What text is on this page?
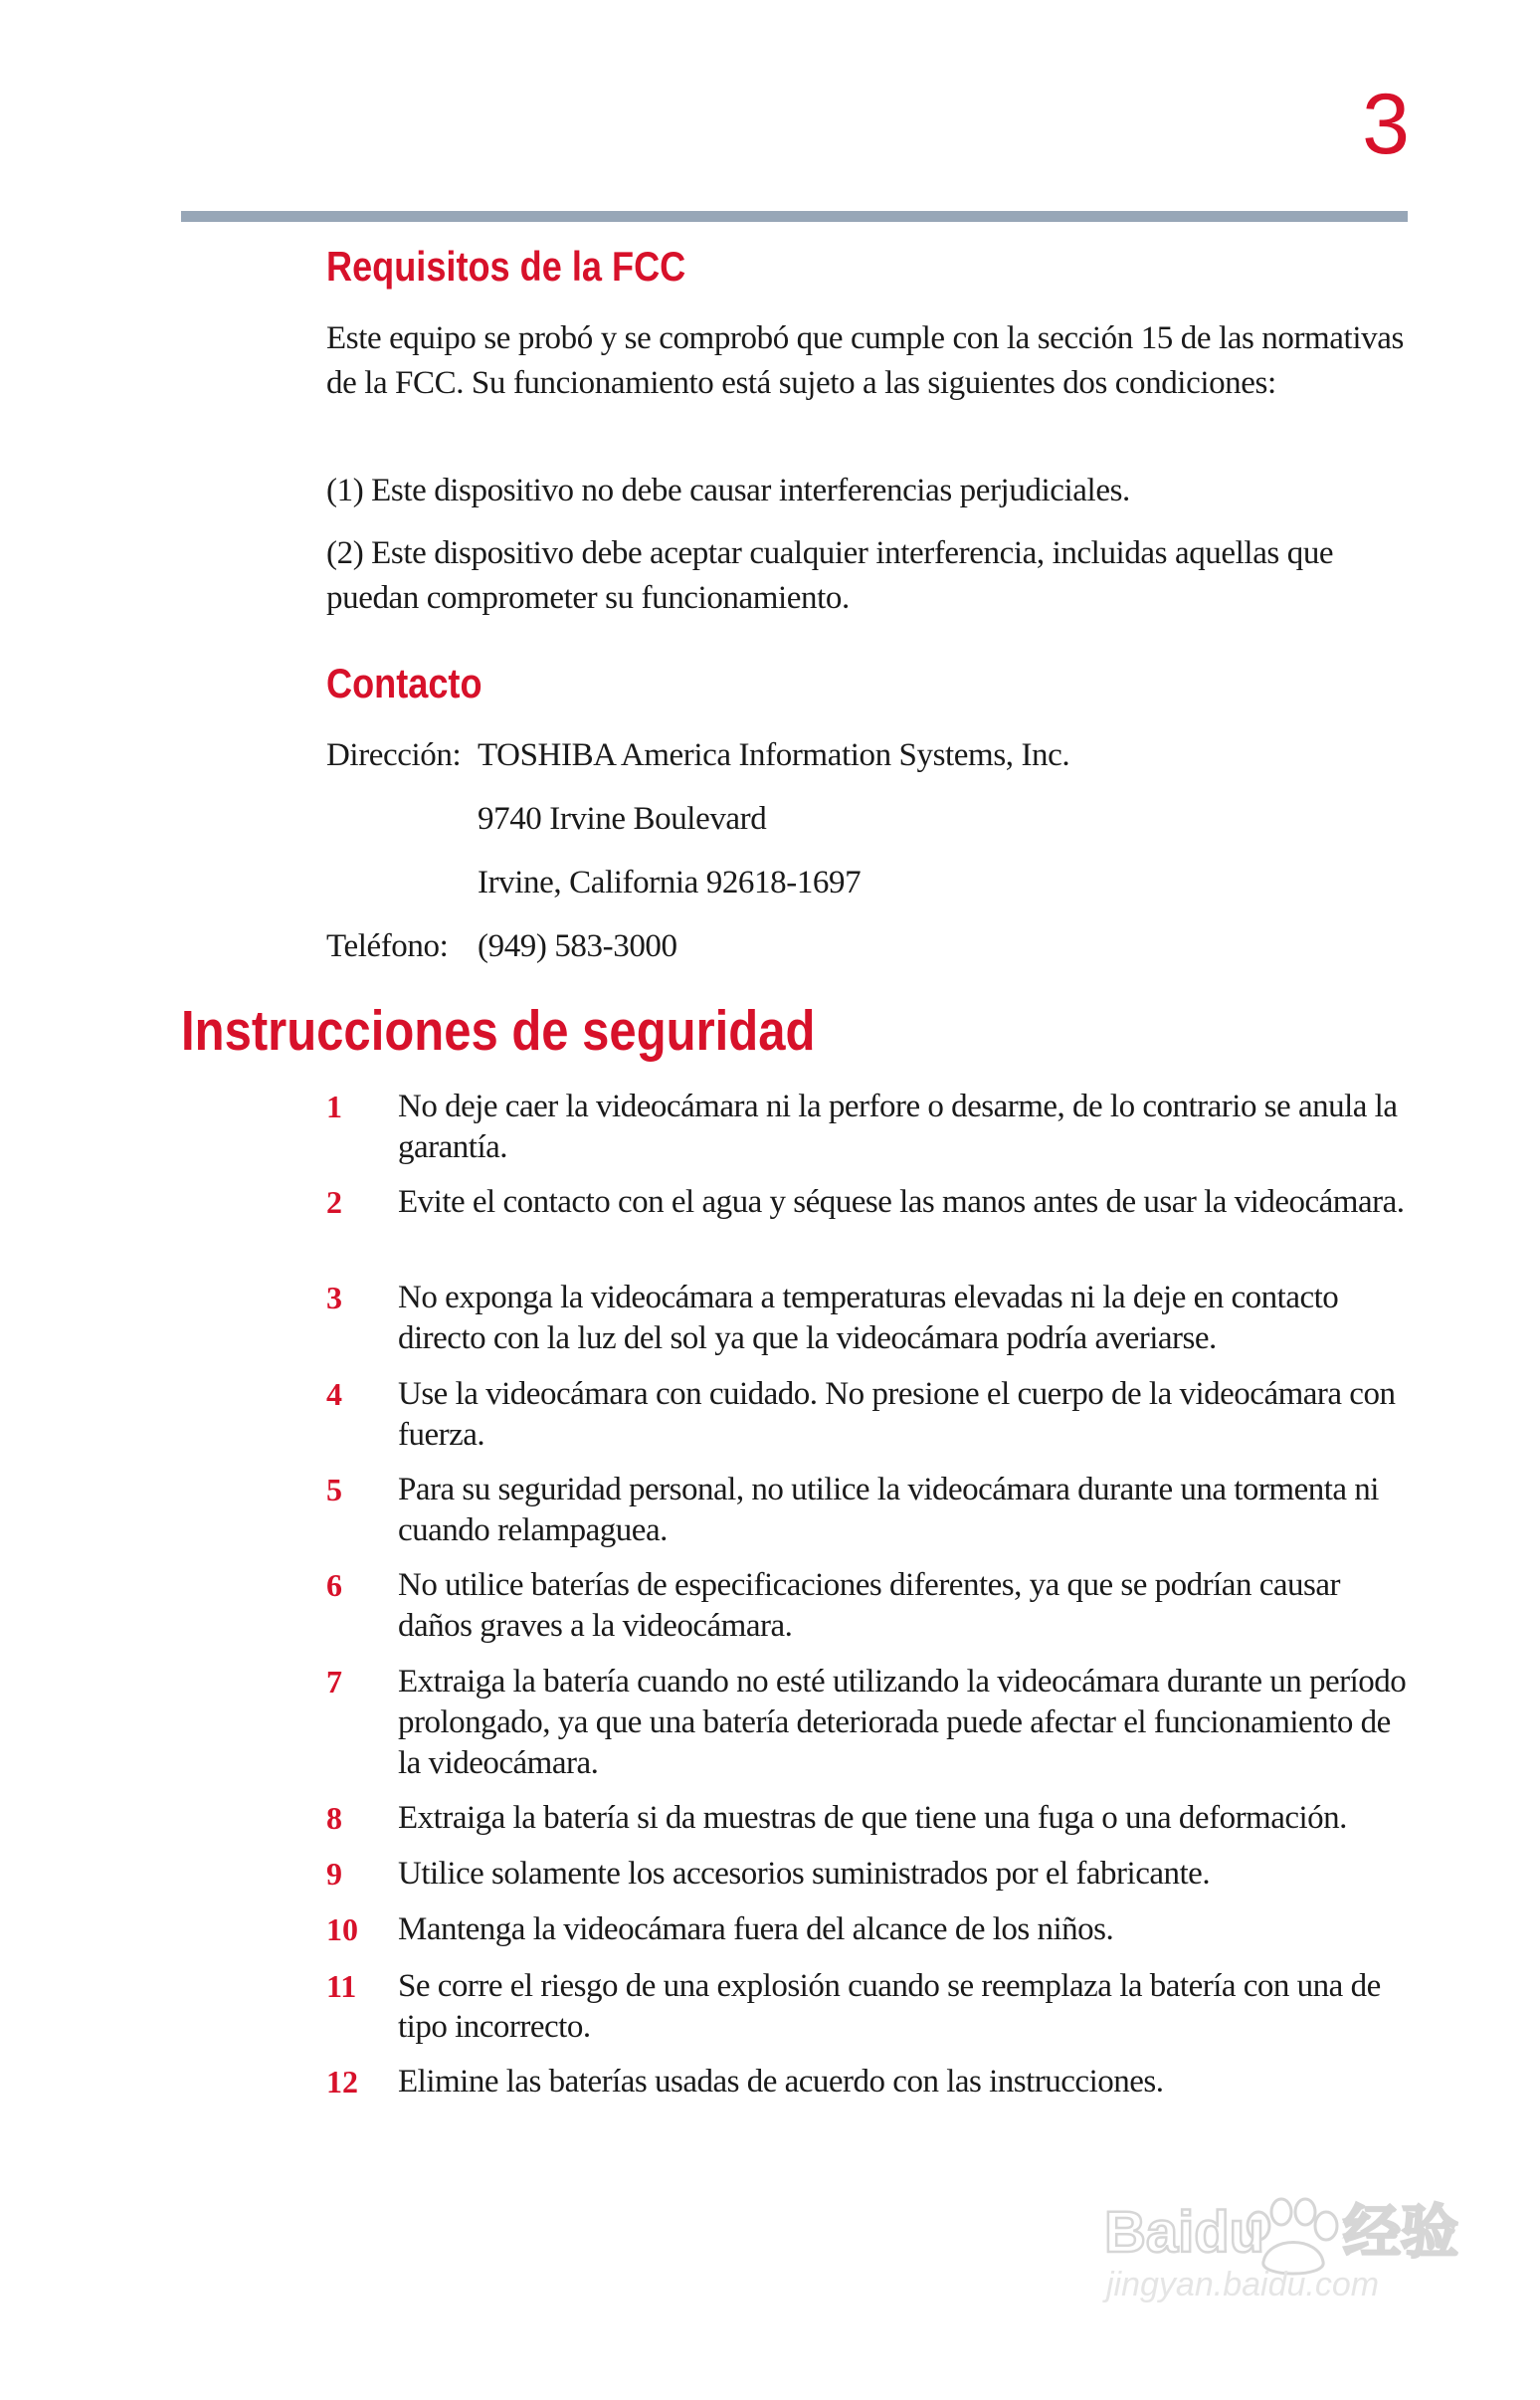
3
Requisitos de la FCC

Este equipo se probó y se comprobó que cumple con la sección 15 de las normativas de la FCC. Su funcionamiento está sujeto a las siguientes dos condiciones:

(1) Este dispositivo no debe causar interferencias perjudiciales.

(2) Este dispositivo debe aceptar cualquier interferencia, incluidas aquellas que puedan comprometer su funcionamiento.

Contacto

Dirección: TOSHIBA America Information Systems, Inc.

9740 Irvine Boulevard

Irvine, California 92618-1697

Teléfono: (949) 583-3000

Instrucciones de seguridad
1 No deje caer la videocámara ni la perfore o desarme, de lo contrario se anula la garantía.
2 Evite el contacto con el agua y séquese las manos antes de usar la videocámara.
3 No exponga la videocámara a temperaturas elevadas ni la deje en contacto directo con la luz del sol ya que la videocámara podría averiarse.
4 Use la videocámara con cuidado. No presione el cuerpo de la videocámara con fuerza.
5 Para su seguridad personal, no utilice la videocámara durante una tormenta ni cuando relampaguea.
6 No utilice baterías de especificaciones diferentes, ya que se podrían causar daños graves a la videocámara.
7 Extraiga la batería cuando no esté utilizando la videocámara durante un período prolongado, ya que una batería deteriorada puede afectar el funcionamiento de la videocámara.
8 Extraiga la batería si da muestras de que tiene una fuga o una deformación.
9 Utilice solamente los accesorios suministrados por el fabricante.
10 Mantenga la videocámara fuera del alcance de los niños.
11 Se corre el riesgo de una explosión cuando se reemplaza la batería con una de tipo incorrecto.
12 Elimine las baterías usadas de acuerdo con las instrucciones.
Baidu 经验
jingyan.baidu.com
